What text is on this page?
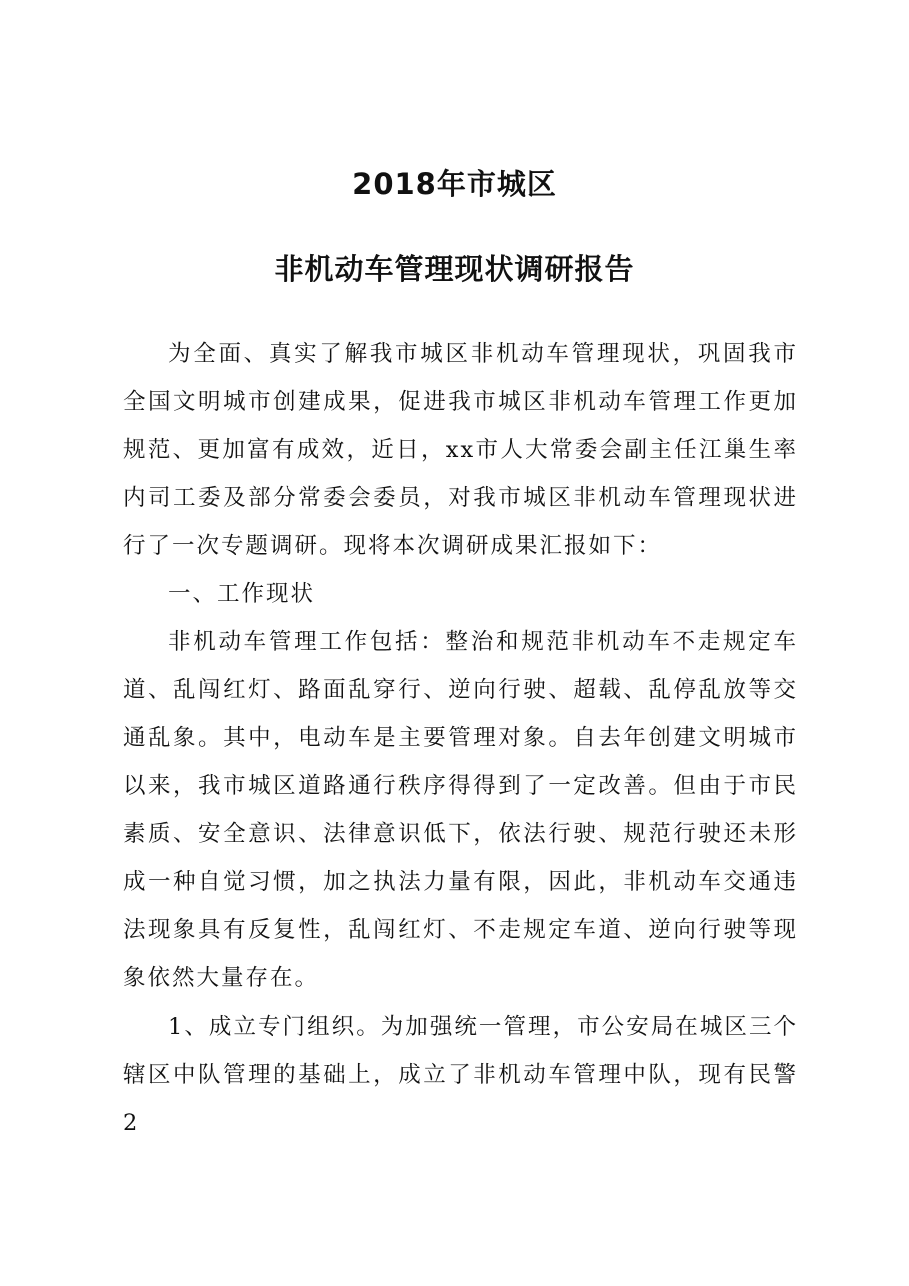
2018年市城区
非机动车管理现状调研报告

为全面、真实了解我市城区非机动车管理现状，巩固我市全国文明城市创建成果，促进我市城区非机动车管理工作更加规范、更加富有成效，近日，xx市人大常委会副主任江巢生率内司工委及部分常委会委员，对我市城区非机动车管理现状进行了一次专题调研。现将本次调研成果汇报如下：

一、工作现状

非机动车管理工作包括：整治和规范非机动车不走规定车道、乱闯红灯、路面乱穿行、逆向行驶、超载、乱停乱放等交通乱象。其中，电动车是主要管理对象。自去年创建文明城市以来，我市城区道路通行秩序得得到了一定改善。但由于市民素质、安全意识、法律意识低下，依法行驶、规范行驶还未形成一种自觉习惯，加之执法力量有限，因此，非机动车交通违法现象具有反复性，乱闯红灯、不走规定车道、逆向行驶等现象依然大量存在。

1、成立专门组织。为加强统一管理，市公安局在城区三个辖区中队管理的基础上，成立了非机动车管理中队，现有民警2
